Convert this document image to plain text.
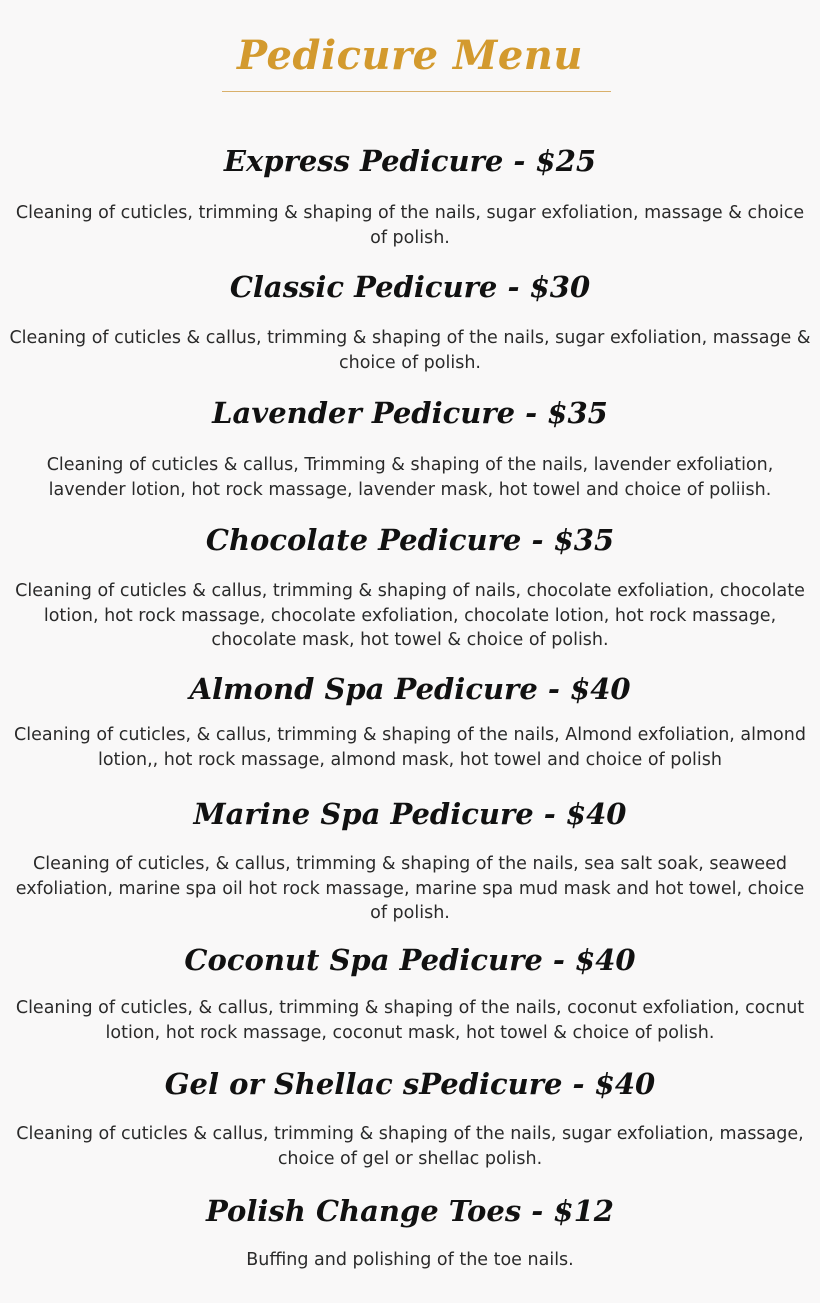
Pedicure Menu
Express Pedicure - $25

Cleaning of cuticles, trimming & shaping of the nails, sugar exfoliation, massage & choice of polish.

Classic Pedicure - $30

Cleaning of cuticles & callus, trimming & shaping of the nails, sugar exfoliation, massage & choice of polish.

Lavender Pedicure - $35

Cleaning of cuticles & callus, Trimming & shaping of the nails, lavender exfoliation, lavender lotion, hot rock massage, lavender mask, hot towel and choice of poliish.

Chocolate Pedicure - $35

Cleaning of cuticles & callus, trimming & shaping of nails, chocolate exfoliation, chocolate lotion, hot rock massage, chocolate exfoliation, chocolate lotion, hot rock massage, chocolate mask, hot towel & choice of polish.

Almond Spa Pedicure - $40

Cleaning of cuticles, & callus, trimming & shaping of the nails, Almond exfoliation, almond lotion,, hot rock massage, almond mask, hot towel and choice of polish

Marine Spa Pedicure - $40

Cleaning of cuticles, & callus, trimming & shaping of the nails, sea salt soak, seaweed exfoliation, marine spa oil hot rock massage, marine spa mud mask and hot towel, choice of polish.

Coconut Spa Pedicure - $40

Cleaning of cuticles, & callus, trimming & shaping of the nails, coconut exfoliation, cocnut lotion, hot rock massage, coconut mask, hot towel & choice of polish.

Gel or Shellac sPedicure - $40

Cleaning of cuticles & callus, trimming & shaping of the nails, sugar exfoliation, massage, choice of gel or shellac polish.

Polish Change Toes - $12

Buffing and polishing of the toe nails.
